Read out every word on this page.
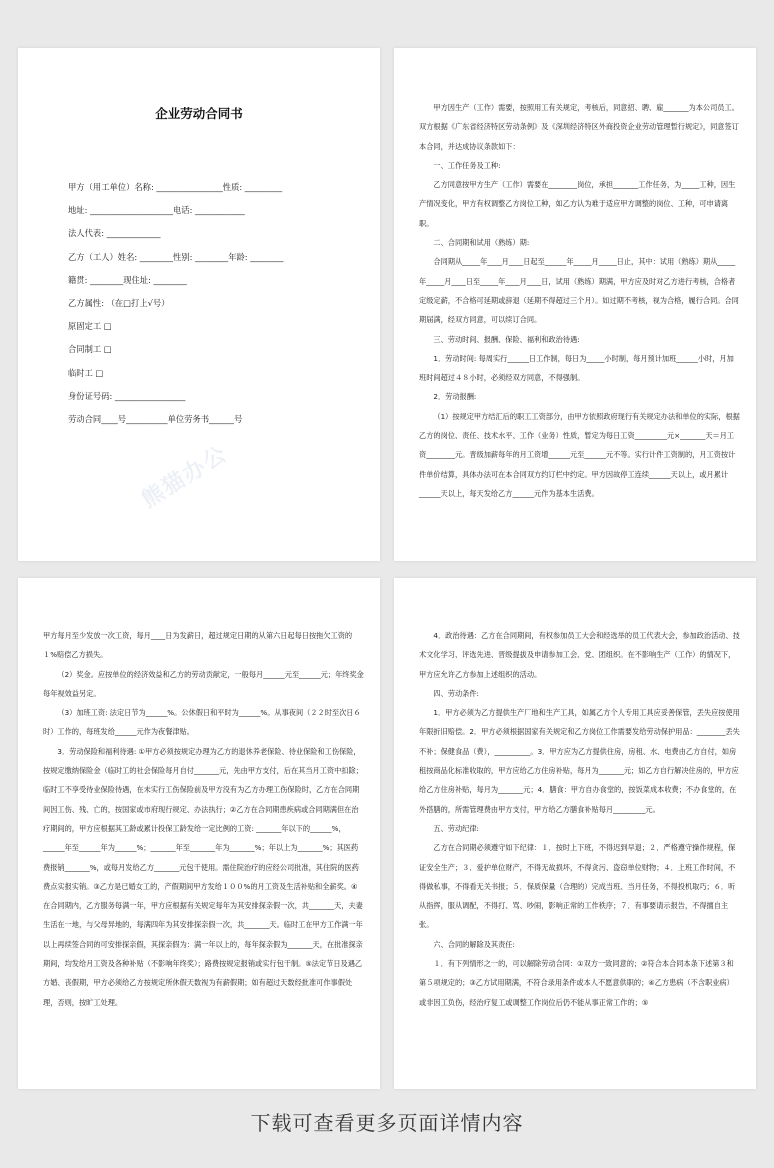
企业劳动合同书
甲方（用工单位）名称: ________________性质: _________
地址: ____________________电话: ____________
法人代表: _____________
乙方（工人）姓名: ________性别: ________年龄: ________
籍贯: ________现住址: ________
乙方属性: （在□打上√号）
原固定工 □
合同制工 □
临时工 □
身份证号码: _________________
劳动合同____号__________单位劳务书______号
熊猫办公

甲方因生产（工作）需要，按照用工有关规定，考核后，同意招、聘、雇_______为本公司员工。双方根据《广东省经济特区劳动条例》及《深圳经济特区外商投资企业劳动管理暂行规定》，同意签订本合同，并达成协议条款如下：

一、工作任务及工种:

乙方同意按甲方生产（工作）需要在________岗位，承担_______工作任务，为_____工种，因生产情况变化，甲方有权调整乙方岗位工种，如乙方认为难于适应甲方调整的岗位、工种，可申请离职。

二、合同期和试用（熟练）期:

合同期从_____年____月____日起至______年_____月_____日止，其中：试用（熟练）期从_____年_____月____日至_____年____月____日，试用（熟练）期满，甲方应及时对乙方进行考核，合格者定级定薪，不合格可延期或辞退（延期不得超过三个月）。如过期不考核，视为合格，履行合同。合同期届满，经双方同意，可以续订合同。

三、劳动时间、报酬、保险、福利和政治待遇:

1．劳动时间: 每周实行______日工作制，每日为_____小时制，每月预计加班______小时，月加班时间超过４８小时，必须经双方同意，不得强制。

2．劳动报酬:

（1）按规定甲方结汇后的职工工资部分，由甲方依照政府现行有关规定办法和单位的实际，根据乙方的岗位、责任、技术水平、工作（业务）性质，暂定为每日工资_________元×_______天＝月工资________元。晋级加薪每年的月工资增______元至______元不等。实行计件工资制的，月工资按计件单价结算，具体办法可在本合同双方约订栏中约定。甲方因故停工连续______天以上，或月累计______天以上，每天发给乙方______元作为基本生活费。

甲方每月至少发放一次工资，每月____日为发薪日，超过规定日期的从第六日起每日按拖欠工资的１%赔偿乙方损失。

（2）奖金。应按单位的经济效益和乙方的劳动贡献定，一般每月______元至______元；年终奖金每年视效益另定。

（3）加班工资: 法定日节为______%。公休假日和平时为______%。从事夜间（２２时至次日６时）工作的，每班发给______元作为夜餐津贴。

3．劳动保险和福利待遇: ①甲方必须按规定办理为乙方的退休养老保险、待业保险和工伤保险，按规定缴纳保险金（临时工的社会保险每月自付_______元，先由甲方支付，后在其当月工资中扣除；临时工不享受待业保险待遇，在未实行工伤保险前及甲方没有为乙方办理工伤保险时，乙方在合同期间因工伤、残、亡的，按国家或市府现行规定、办法执行；②乙方在合同期患疾病或合同期满但在治疗期间的，甲方应根据其工龄或累计投保工龄发给一定比例的工资: _______年以下的______%，______年至______年为______%；_______年至_______年为_______%；年以上为_______%；其医药费报销_______%，或每月发给乙方_______元包干使用。需住院治疗的应经公司批准，其住院的医药费点实报实销。③乙方是已婚女工的，产假期间甲方发给１００%的月工资及生活补贴和全薪奖。④在合同期内，乙方服务每满一年，甲方应根据有关规定每年为其安排探亲假一次，共_______天，夫妻生活在一地，与父母异地的，每满四年为其安排探亲假一次，共_______天。临时工在甲方工作满一年以上再续签合同的可安排探亲假，其探亲假为：满一年以上的，每年探亲假为_______天，在批准探亲期间，均发给月工资及各种补贴（不影响年终奖）；路费按规定报销或实行包干制。⑤法定节日及遇乙方婚、丧假期，甲方必须给乙方按规定所休假天数视为有薪假期；如有超过天数经批准可作事假处理，否则，按旷工处理。

4．政治待遇：乙方在合同期间，有权参加员工大会和经选举的员工代表大会，参加政治活动、技术文化学习、评选先进、晋级提拔及申请参加工会、党、团组织。在不影响生产（工作）的情况下，甲方应允许乙方参加上述组织的活动。

四、劳动条件:

1．甲方必须为乙方提供生产厂地和生产工具，如属乙方个人专用工具应妥善保管，丢失应按使用年限折旧赔偿。2．甲方必须根据国家有关规定和乙方岗位工作需要发给劳动保护用品：________丢失不补；保健食品（费），__________。3．甲方应为乙方提供住房，房租、水、电费由乙方自付，如房租按商品化标准收取的，甲方应给乙方住房补贴，每月为_______元；如乙方自行解决住房的，甲方应给乙方住房补贴，每月为_______元；4．膳食：甲方自办食堂的，按饭菜成本收费；不办食堂的，在外搭膳的，所需管理费由甲方支付，甲方给乙方膳食补贴每月_________元。

五、劳动纪律:

乙方在合同期必须遵守如下纪律：１．按时上下班，不得迟到早退；２．严格遵守操作规程，保证安全生产；３．爱护单位财产，不得无故损坏，不得贪污、盗窃单位财物；４．上班工作时间，不得做私事，不得看无关书报；５．保质保量（合理的）完成当班、当月任务，不得投机取巧；６．听从指挥，服从调配，不得打、骂、吵闹，影响正常的工作秩序；７．有事要请示报告，不得擅自主张。

六、合同的解除及其责任:

１．有下列情形之一的，可以解除劳动合同：①双方一致同意的；②符合本合同本条下述第３和第５项规定的；③乙方试用期满，不符合录用条件或本人不愿意供职的；④乙方患病（不含职业病）或非因工负伤，经治疗复工或调整工作岗位后仍不能从事正常工作的；⑤

下载可查看更多页面详情内容
